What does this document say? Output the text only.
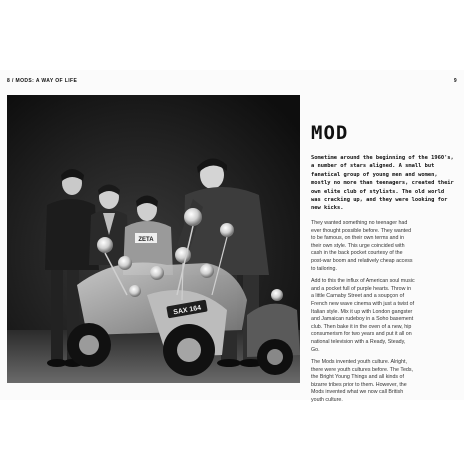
8 / MODS: A WAY OF LIFE	9
ZETA
SAX 164
MOD
Sometime around the beginning of the 1960's, a number of stars aligned. A small but fanatical group of young men and women, mostly no more than teenagers, created their own elite club of stylists. The old world was cracking up, and they were looking for new kicks.

They wanted something no teenager had ever thought possible before. They wanted to be famous, on their own terms and in their own style. This urge coincided with cash in the back pocket courtesy of the post-war boom and relatively cheap access to tailoring.

Add to this the influx of American soul music and a pocket full of purple hearts. Throw in a little Carnaby Street and a soupçon of French new wave cinema with just a twist of Italian style. Mix it up with London gangster and Jamaican rudeboy in a Soho basement club. Then bake it in the oven of a new, hip consumerism for two years and put it all on national television with a Ready, Steady, Go.

The Mods invented youth culture. Alright, there were youth cultures before. The Teds, the Bright Young Things and all kinds of bizarre tribes prior to them. However, the Mods invented what we now call British youth culture.
